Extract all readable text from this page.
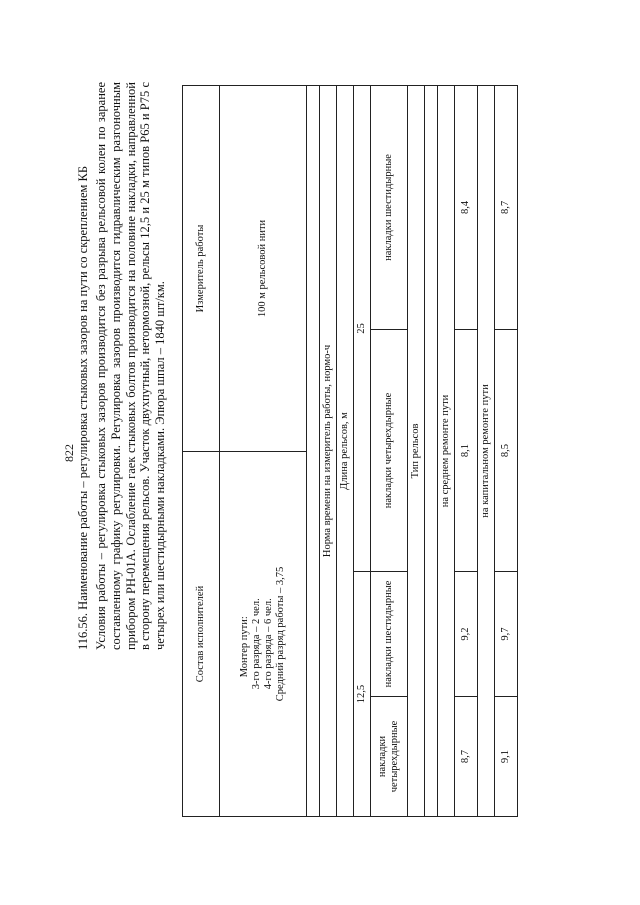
822 116.56. Наименование работы – регулировка стыковых зазоров на пути со скреплением КБ Условия работы – регулировка стыковых зазоров производится без разрыва рельсовой колеи по заранее составленному графику регулировки. Регулировка зазоров производится гидравлическим разгоночным прибором РН-01А. Ослабление гаек стыковых болтов производится на половине накладки, направленной в сторону перемещения рельсов. Участок двухпутный, нетормозной, рельсы 12,5 и 25 м типов Р65 и Р75 с четырех или шестидырными накладками. Эпюра шпал – 1840 шт/км.	Состав исполнителей			Измеритель работы	

Монтер пути: 3-го разряда – 2 чел. 4-го разряда – 6 чел. Средний разряд работы – 3,75			100 м рельсовой нити	

Норма времени на измеритель работы, нормо-ч				
Длина рельсов, м				
12,5		25		
накладки четырехдырные	накладки шестидырные	накладки четырехдырные		накладки шестидырные
Тип рельсов				

на среднем ремонте пути				
8,7	9,2	8,1		8,4
на капитальном ремонте пути				
9,1	9,7	8,5		8,7
